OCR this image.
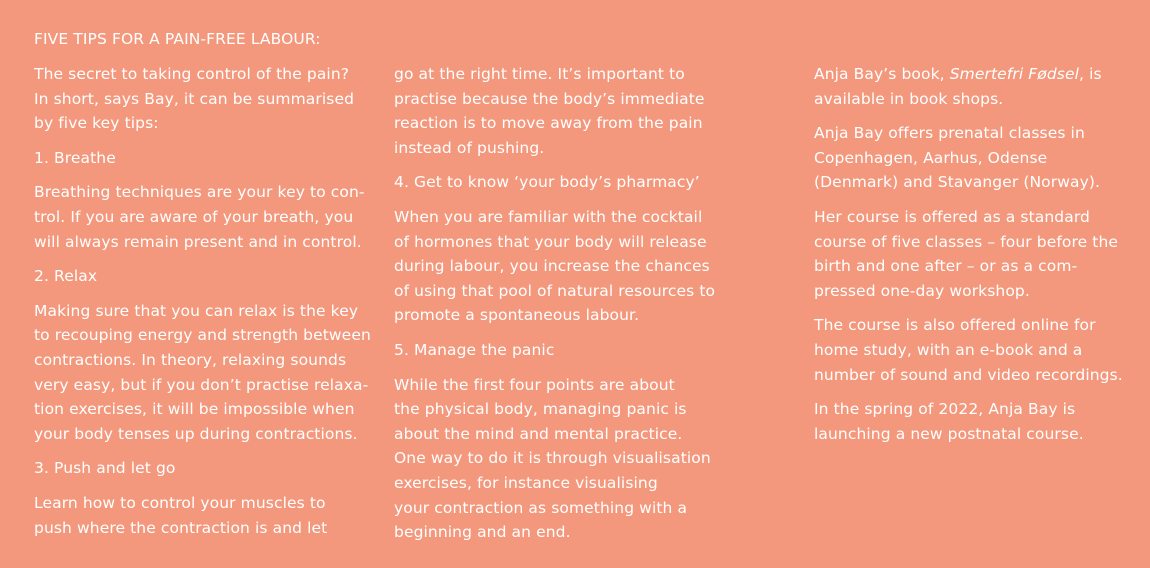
FIVE TIPS FOR A PAIN-FREE LABOUR:

The secret to taking control of the pain?
In short, says Bay, it can be summarised
by five key tips:

1. Breathe

Breathing techniques are your key to con-
trol. If you are aware of your breath, you
will always remain present and in control.

2. Relax

Making sure that you can relax is the key
to recouping energy and strength between
contractions. In theory, relaxing sounds
very easy, but if you don’t practise relaxa-
tion exercises, it will be impossible when
your body tenses up during contractions.

3. Push and let go

Learn how to control your muscles to
push where the contraction is and let

go at the right time. It’s important to
practise because the body’s immediate
reaction is to move away from the pain
instead of pushing.

4. Get to know ‘your body’s pharmacy’

When you are familiar with the cocktail
of hormones that your body will release
during labour, you increase the chances
of using that pool of natural resources to
promote a spontaneous labour.

5. Manage the panic

While the first four points are about
the physical body, managing panic is
about the mind and mental practice.
One way to do it is through visualisation
exercises, for instance visualising
your contraction as something with a
beginning and an end.

Anja Bay’s book, Smertefri Fødsel, is
available in book shops.

Anja Bay offers prenatal classes in
Copenhagen, Aarhus, Odense
(Denmark) and Stavanger (Norway).

Her course is offered as a standard
course of five classes – four before the
birth and one after – or as a com-
pressed one-day workshop.

The course is also offered online for
home study, with an e-book and a
number of sound and video recordings.

In the spring of 2022, Anja Bay is
launching a new postnatal course.
